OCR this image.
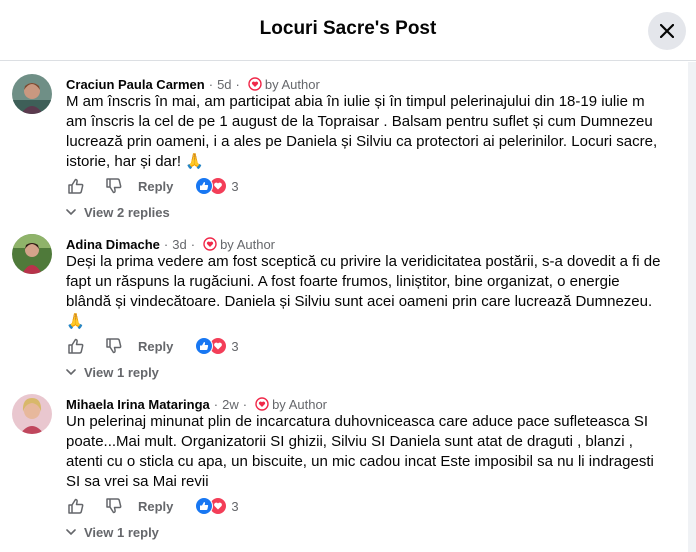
Locuri Sacre's Post
Craciun Paula Carmen · 5d · by Author
M am înscris în mai, am participat abia în iulie și în timpul pelerinajului din 18-19 iulie m
am înscris la cel de pe 1 august de la Topraisar . Balsam pentru suflet și cum Dumnezeu
lucrează prin oameni, i a ales pe Daniela și Silviu ca protectori ai pelerinilor. Locuri sacre,
istorie, har și dar! 🙏
Reply	3
View 2 replies
Adina Dimache · 3d · by Author
Deși la prima vedere am fost sceptică cu privire la veridicitatea postării, s-a dovedit a fi de
fapt un răspuns la rugăciuni. A fost foarte frumos, liniștitor, bine organizat, o energie
blândă și vindecătoare. Daniela și Silviu sunt acei oameni prin care lucrează Dumnezeu.
🙏
Reply	3
View 1 reply
Mihaela Irina Mataringa · 2w · by Author
Un pelerinaj minunat plin de incarcatura duhovniceasca care aduce pace sufleteasca SI
poate...Mai mult. Organizatorii SI ghizii, Silviu SI Daniela sunt atat de draguti , blanzi ,
atenti cu o sticla cu apa, un biscuite, un mic cadou incat Este imposibil sa nu li indragesti
SI sa vrei sa Mai revii
Reply	3
View 1 reply
